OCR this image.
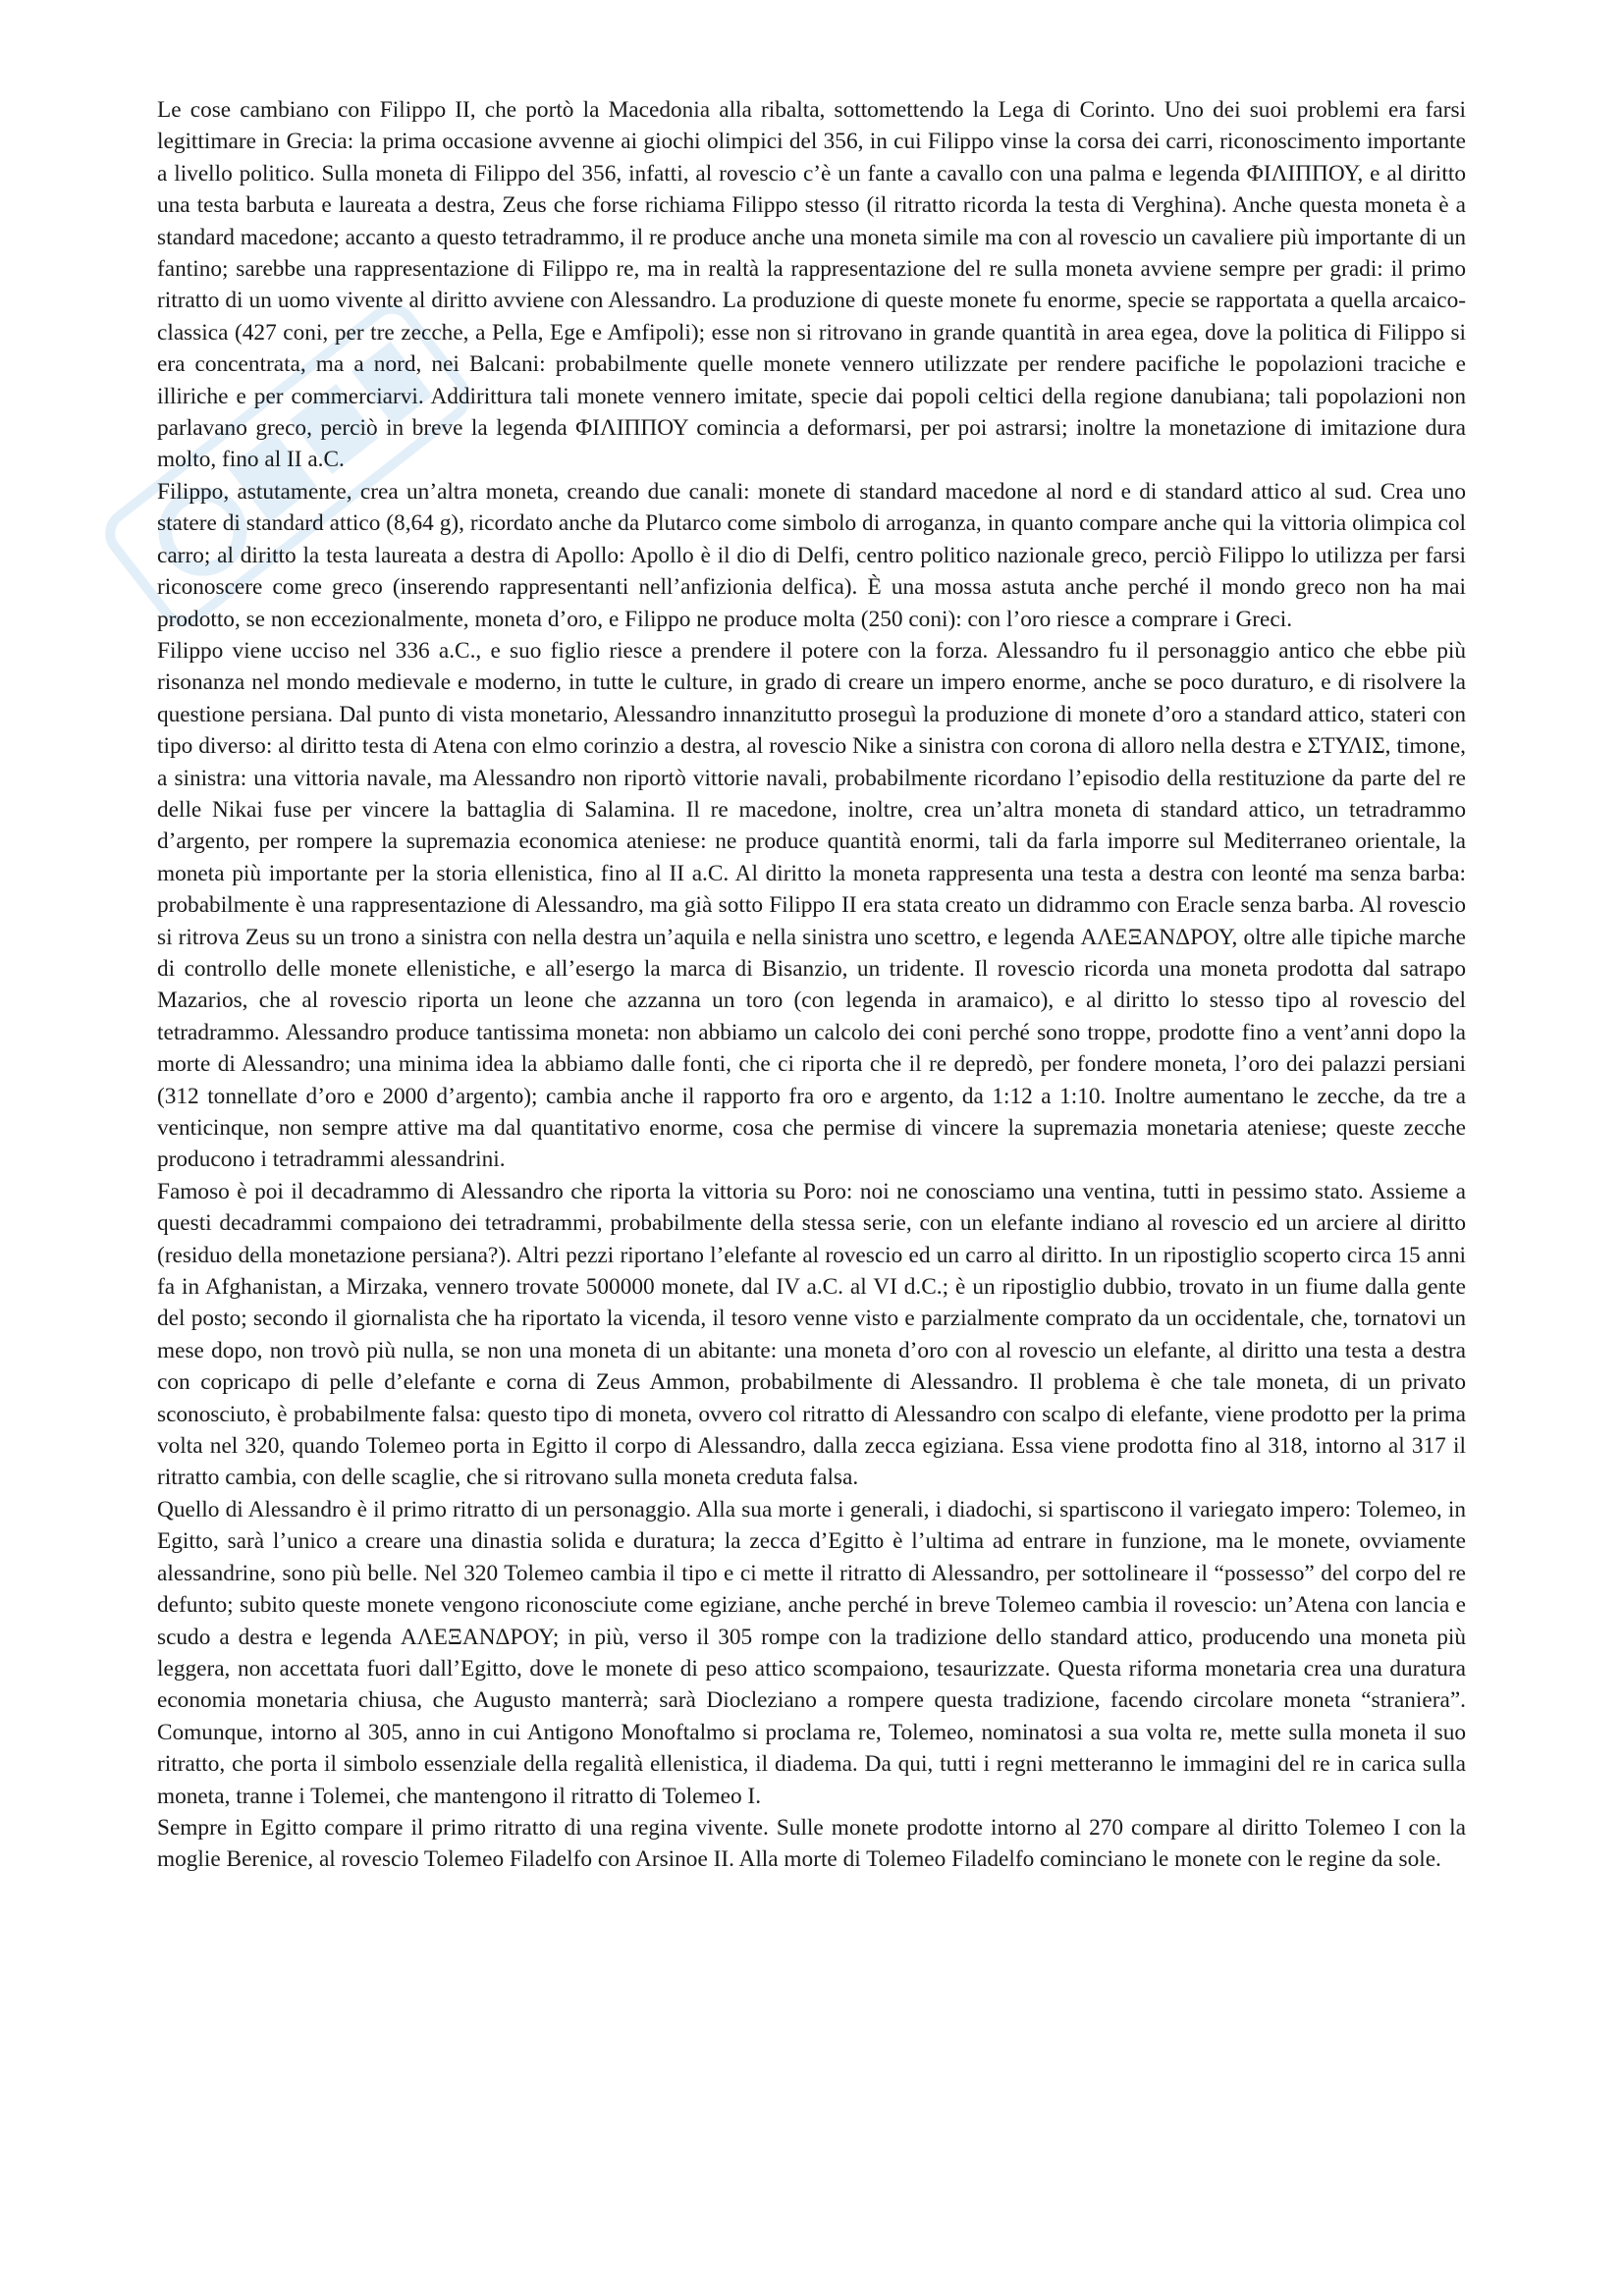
Le cose cambiano con Filippo II, che portò la Macedonia alla ribalta, sottomettendo la Lega di Corinto. Uno dei suoi problemi era farsi legittimare in Grecia: la prima occasione avvenne ai giochi olimpici del 356, in cui Filippo vinse la corsa dei carri, riconoscimento importante a livello politico. Sulla moneta di Filippo del 356, infatti, al rovescio c’è un fante a cavallo con una palma e legenda ΦΙΛΙΠΠΟΥ, e al diritto una testa barbuta e laureata a destra, Zeus che forse richiama Filippo stesso (il ritratto ricorda la testa di Verghina). Anche questa moneta è a standard macedone; accanto a questo tetradrammo, il re produce anche una moneta simile ma con al rovescio un cavaliere più importante di un fantino; sarebbe una rappresentazione di Filippo re, ma in realtà la rappresentazione del re sulla moneta avviene sempre per gradi: il primo ritratto di un uomo vivente al diritto avviene con Alessandro. La produzione di queste monete fu enorme, specie se rapportata a quella arcaico-classica (427 coni, per tre zecche, a Pella, Ege e Amfipoli); esse non si ritrovano in grande quantità in area egea, dove la politica di Filippo si era concentrata, ma a nord, nei Balcani: probabilmente quelle monete vennero utilizzate per rendere pacifiche le popolazioni traciche e illiriche e per commerciarvi. Addirittura tali monete vennero imitate, specie dai popoli celtici della regione danubiana; tali popolazioni non parlavano greco, perciò in breve la legenda ΦΙΛΙΠΠΟΥ comincia a deformarsi, per poi astrarsi; inoltre la monetazione di imitazione dura molto, fino al II a.C.

Filippo, astutamente, crea un’altra moneta, creando due canali: monete di standard macedone al nord e di standard attico al sud. Crea uno statere di standard attico (8,64 g), ricordato anche da Plutarco come simbolo di arroganza, in quanto compare anche qui la vittoria olimpica col carro; al diritto la testa laureata a destra di Apollo: Apollo è il dio di Delfi, centro politico nazionale greco, perciò Filippo lo utilizza per farsi riconoscere come greco (inserendo rappresentanti nell’anfizionia delfica). È una mossa astuta anche perché il mondo greco non ha mai prodotto, se non eccezionalmente, moneta d’oro, e Filippo ne produce molta (250 coni): con l’oro riesce a comprare i Greci.

Filippo viene ucciso nel 336 a.C., e suo figlio riesce a prendere il potere con la forza. Alessandro fu il personaggio antico che ebbe più risonanza nel mondo medievale e moderno, in tutte le culture, in grado di creare un impero enorme, anche se poco duraturo, e di risolvere la questione persiana. Dal punto di vista monetario, Alessandro innanzitutto proseguì la produzione di monete d’oro a standard attico, stateri con tipo diverso: al diritto testa di Atena con elmo corinzio a destra, al rovescio Nike a sinistra con corona di alloro nella destra e ΣΤΥΛΙΣ, timone, a sinistra: una vittoria navale, ma Alessandro non riportò vittorie navali, probabilmente ricordano l’episodio della restituzione da parte del re delle Nikai fuse per vincere la battaglia di Salamina. Il re macedone, inoltre, crea un’altra moneta di standard attico, un tetradrammo d’argento, per rompere la supremazia economica ateniese: ne produce quantità enormi, tali da farla imporre sul Mediterraneo orientale, la moneta più importante per la storia ellenistica, fino al II a.C. Al diritto la moneta rappresenta una testa a destra con leonté ma senza barba: probabilmente è una rappresentazione di Alessandro, ma già sotto Filippo II era stata creato un didrammo con Eracle senza barba. Al rovescio si ritrova Zeus su un trono a sinistra con nella destra un’aquila e nella sinistra uno scettro, e legenda ΑΛΕΞΑΝΔΡΟΥ, oltre alle tipiche marche di controllo delle monete ellenistiche, e all’esergo la marca di Bisanzio, un tridente. Il rovescio ricorda una moneta prodotta dal satrapo Mazarios, che al rovescio riporta un leone che azzanna un toro (con legenda in aramaico), e al diritto lo stesso tipo al rovescio del tetradrammo. Alessandro produce tantissima moneta: non abbiamo un calcolo dei coni perché sono troppe, prodotte fino a vent’anni dopo la morte di Alessandro; una minima idea la abbiamo dalle fonti, che ci riporta che il re depredò, per fondere moneta, l’oro dei palazzi persiani (312 tonnellate d’oro e 2000 d’argento); cambia anche il rapporto fra oro e argento, da 1:12 a 1:10. Inoltre aumentano le zecche, da tre a venticinque, non sempre attive ma dal quantitativo enorme, cosa che permise di vincere la supremazia monetaria ateniese; queste zecche producono i tetradrammi alessandrini.

Famoso è poi il decadrammo di Alessandro che riporta la vittoria su Poro: noi ne conosciamo una ventina, tutti in pessimo stato. Assieme a questi decadrammi compaiono dei tetradrammi, probabilmente della stessa serie, con un elefante indiano al rovescio ed un arciere al diritto (residuo della monetazione persiana?). Altri pezzi riportano l’elefante al rovescio ed un carro al diritto. In un ripostiglio scoperto circa 15 anni fa in Afghanistan, a Mirzaka, vennero trovate 500000 monete, dal IV a.C. al VI d.C.; è un ripostiglio dubbio, trovato in un fiume dalla gente del posto; secondo il giornalista che ha riportato la vicenda, il tesoro venne visto e parzialmente comprato da un occidentale, che, tornatovi un mese dopo, non trovò più nulla, se non una moneta di un abitante: una moneta d’oro con al rovescio un elefante, al diritto una testa a destra con copricapo di pelle d’elefante e corna di Zeus Ammon, probabilmente di Alessandro. Il problema è che tale moneta, di un privato sconosciuto, è probabilmente falsa: questo tipo di moneta, ovvero col ritratto di Alessandro con scalpo di elefante, viene prodotto per la prima volta nel 320, quando Tolemeo porta in Egitto il corpo di Alessandro, dalla zecca egiziana. Essa viene prodotta fino al 318, intorno al 317 il ritratto cambia, con delle scaglie, che si ritrovano sulla moneta creduta falsa.

Quello di Alessandro è il primo ritratto di un personaggio. Alla sua morte i generali, i diadochi, si spartiscono il variegato impero: Tolemeo, in Egitto, sarà l’unico a creare una dinastia solida e duratura; la zecca d’Egitto è l’ultima ad entrare in funzione, ma le monete, ovviamente alessandrine, sono più belle. Nel 320 Tolemeo cambia il tipo e ci mette il ritratto di Alessandro, per sottolineare il “possesso” del corpo del re defunto; subito queste monete vengono riconosciute come egiziane, anche perché in breve Tolemeo cambia il rovescio: un’Atena con lancia e scudo a destra e legenda ΑΛΕΞΑΝΔΡΟΥ; in più, verso il 305 rompe con la tradizione dello standard attico, producendo una moneta più leggera, non accettata fuori dall’Egitto, dove le monete di peso attico scompaiono, tesaurizzate. Questa riforma monetaria crea una duratura economia monetaria chiusa, che Augusto manterrà; sarà Diocleziano a rompere questa tradizione, facendo circolare moneta “straniera”. Comunque, intorno al 305, anno in cui Antigono Monoftalmo si proclama re, Tolemeo, nominatosi a sua volta re, mette sulla moneta il suo ritratto, che porta il simbolo essenziale della regalità ellenistica, il diadema. Da qui, tutti i regni metteranno le immagini del re in carica sulla moneta, tranne i Tolemei, che mantengono il ritratto di Tolemeo I.

Sempre in Egitto compare il primo ritratto di una regina vivente. Sulle monete prodotte intorno al 270 compare al diritto Tolemeo I con la moglie Berenice, al rovescio Tolemeo Filadelfo con Arsinoe II. Alla morte di Tolemeo Filadelfo cominciano le monete con le regine da sole.
